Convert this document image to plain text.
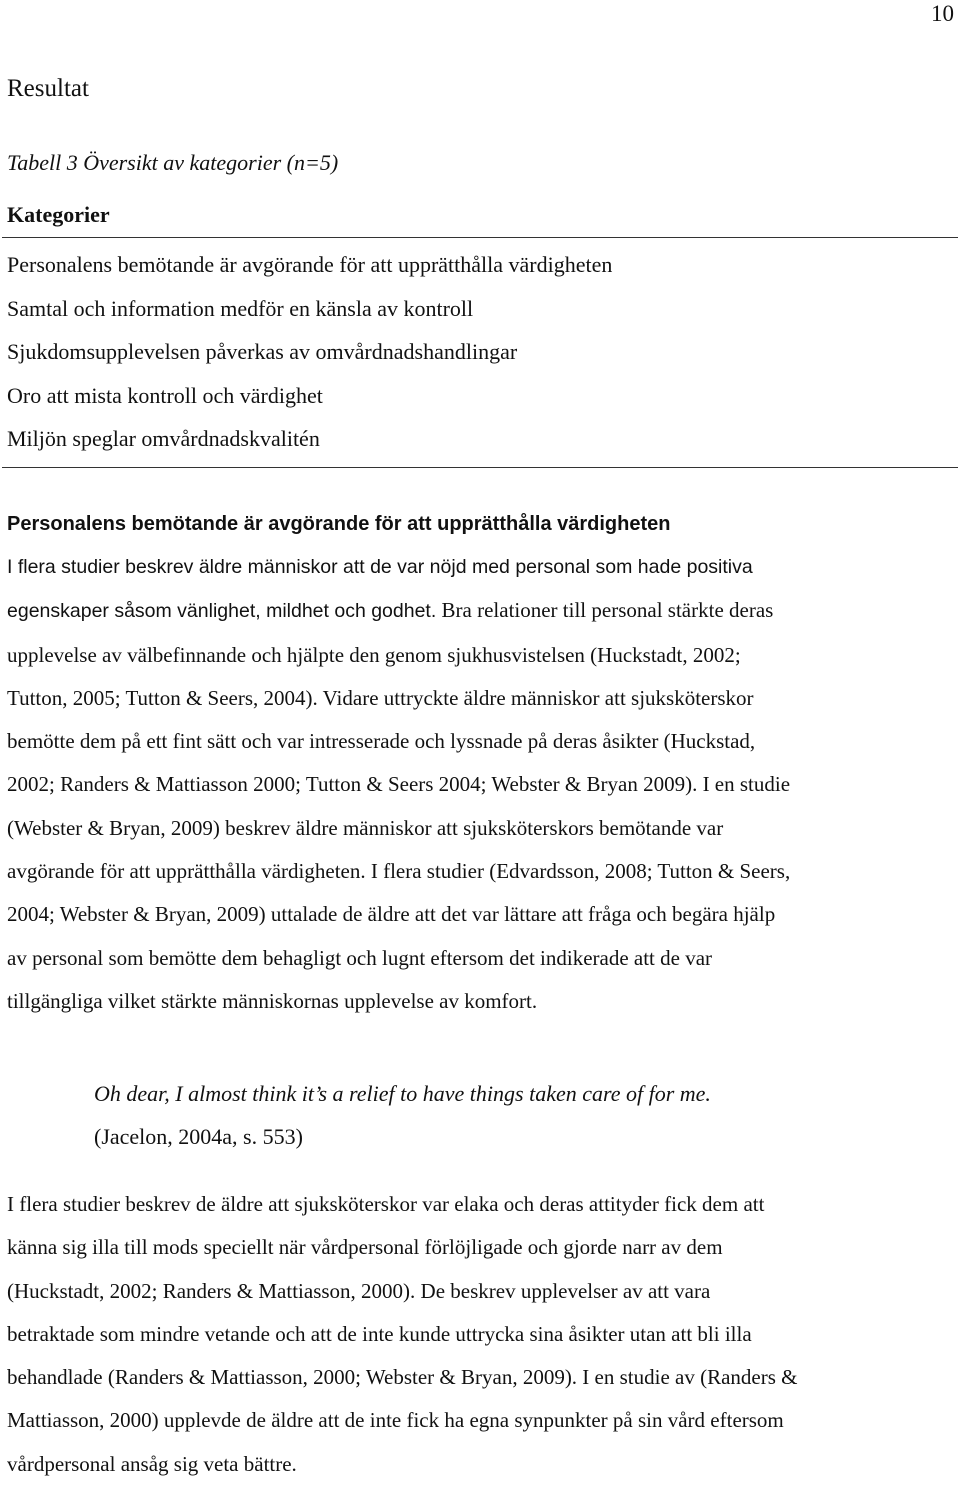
10
Resultat
Tabell 3 Översikt av kategorier (n=5)
Kategorier
Personalens bemötande är avgörande för att upprätthålla värdigheten
Samtal och information medför en känsla av kontroll
Sjukdomsupplevelsen påverkas av omvårdnadshandlingar
Oro att mista kontroll och värdighet
Miljön speglar omvårdnadskvalitén
Personalens bemötande är avgörande för att upprätthålla värdigheten
I flera studier beskrev äldre människor att de var nöjd med personal som hade positiva
egenskaper såsom vänlighet, mildhet och godhet. Bra relationer till personal stärkte deras
upplevelse av välbefinnande och hjälpte den genom sjukhusvistelsen (Huckstadt, 2002;
Tutton, 2005; Tutton & Seers, 2004). Vidare uttryckte äldre människor att sjuksköterskor
bemötte dem på ett fint sätt och var intresserade och lyssnade på deras åsikter (Huckstad,
2002; Randers & Mattiasson 2000; Tutton & Seers 2004; Webster & Bryan 2009). I en studie
(Webster & Bryan, 2009) beskrev äldre människor att sjuksköterskors bemötande var
avgörande för att upprätthålla värdigheten. I flera studier (Edvardsson, 2008; Tutton & Seers,
2004; Webster & Bryan, 2009) uttalade de äldre att det var lättare att fråga och begära hjälp
av personal som bemötte dem behagligt och lugnt eftersom det indikerade att de var
tillgängliga vilket stärkte människornas upplevelse av komfort.
Oh dear, I almost think it’s a relief to have things taken care of for me.
(Jacelon, 2004a, s. 553)
I flera studier beskrev de äldre att sjuksköterskor var elaka och deras attityder fick dem att
känna sig illa till mods speciellt när vårdpersonal förlöjligade och gjorde narr av dem
(Huckstadt, 2002; Randers & Mattiasson, 2000). De beskrev upplevelser av att vara
betraktade som mindre vetande och att de inte kunde uttrycka sina åsikter utan att bli illa
behandlade (Randers & Mattiasson, 2000; Webster & Bryan, 2009). I en studie av (Randers &
Mattiasson, 2000) upplevde de äldre att de inte fick ha egna synpunkter på sin vård eftersom
vårdpersonal ansåg sig veta bättre.
